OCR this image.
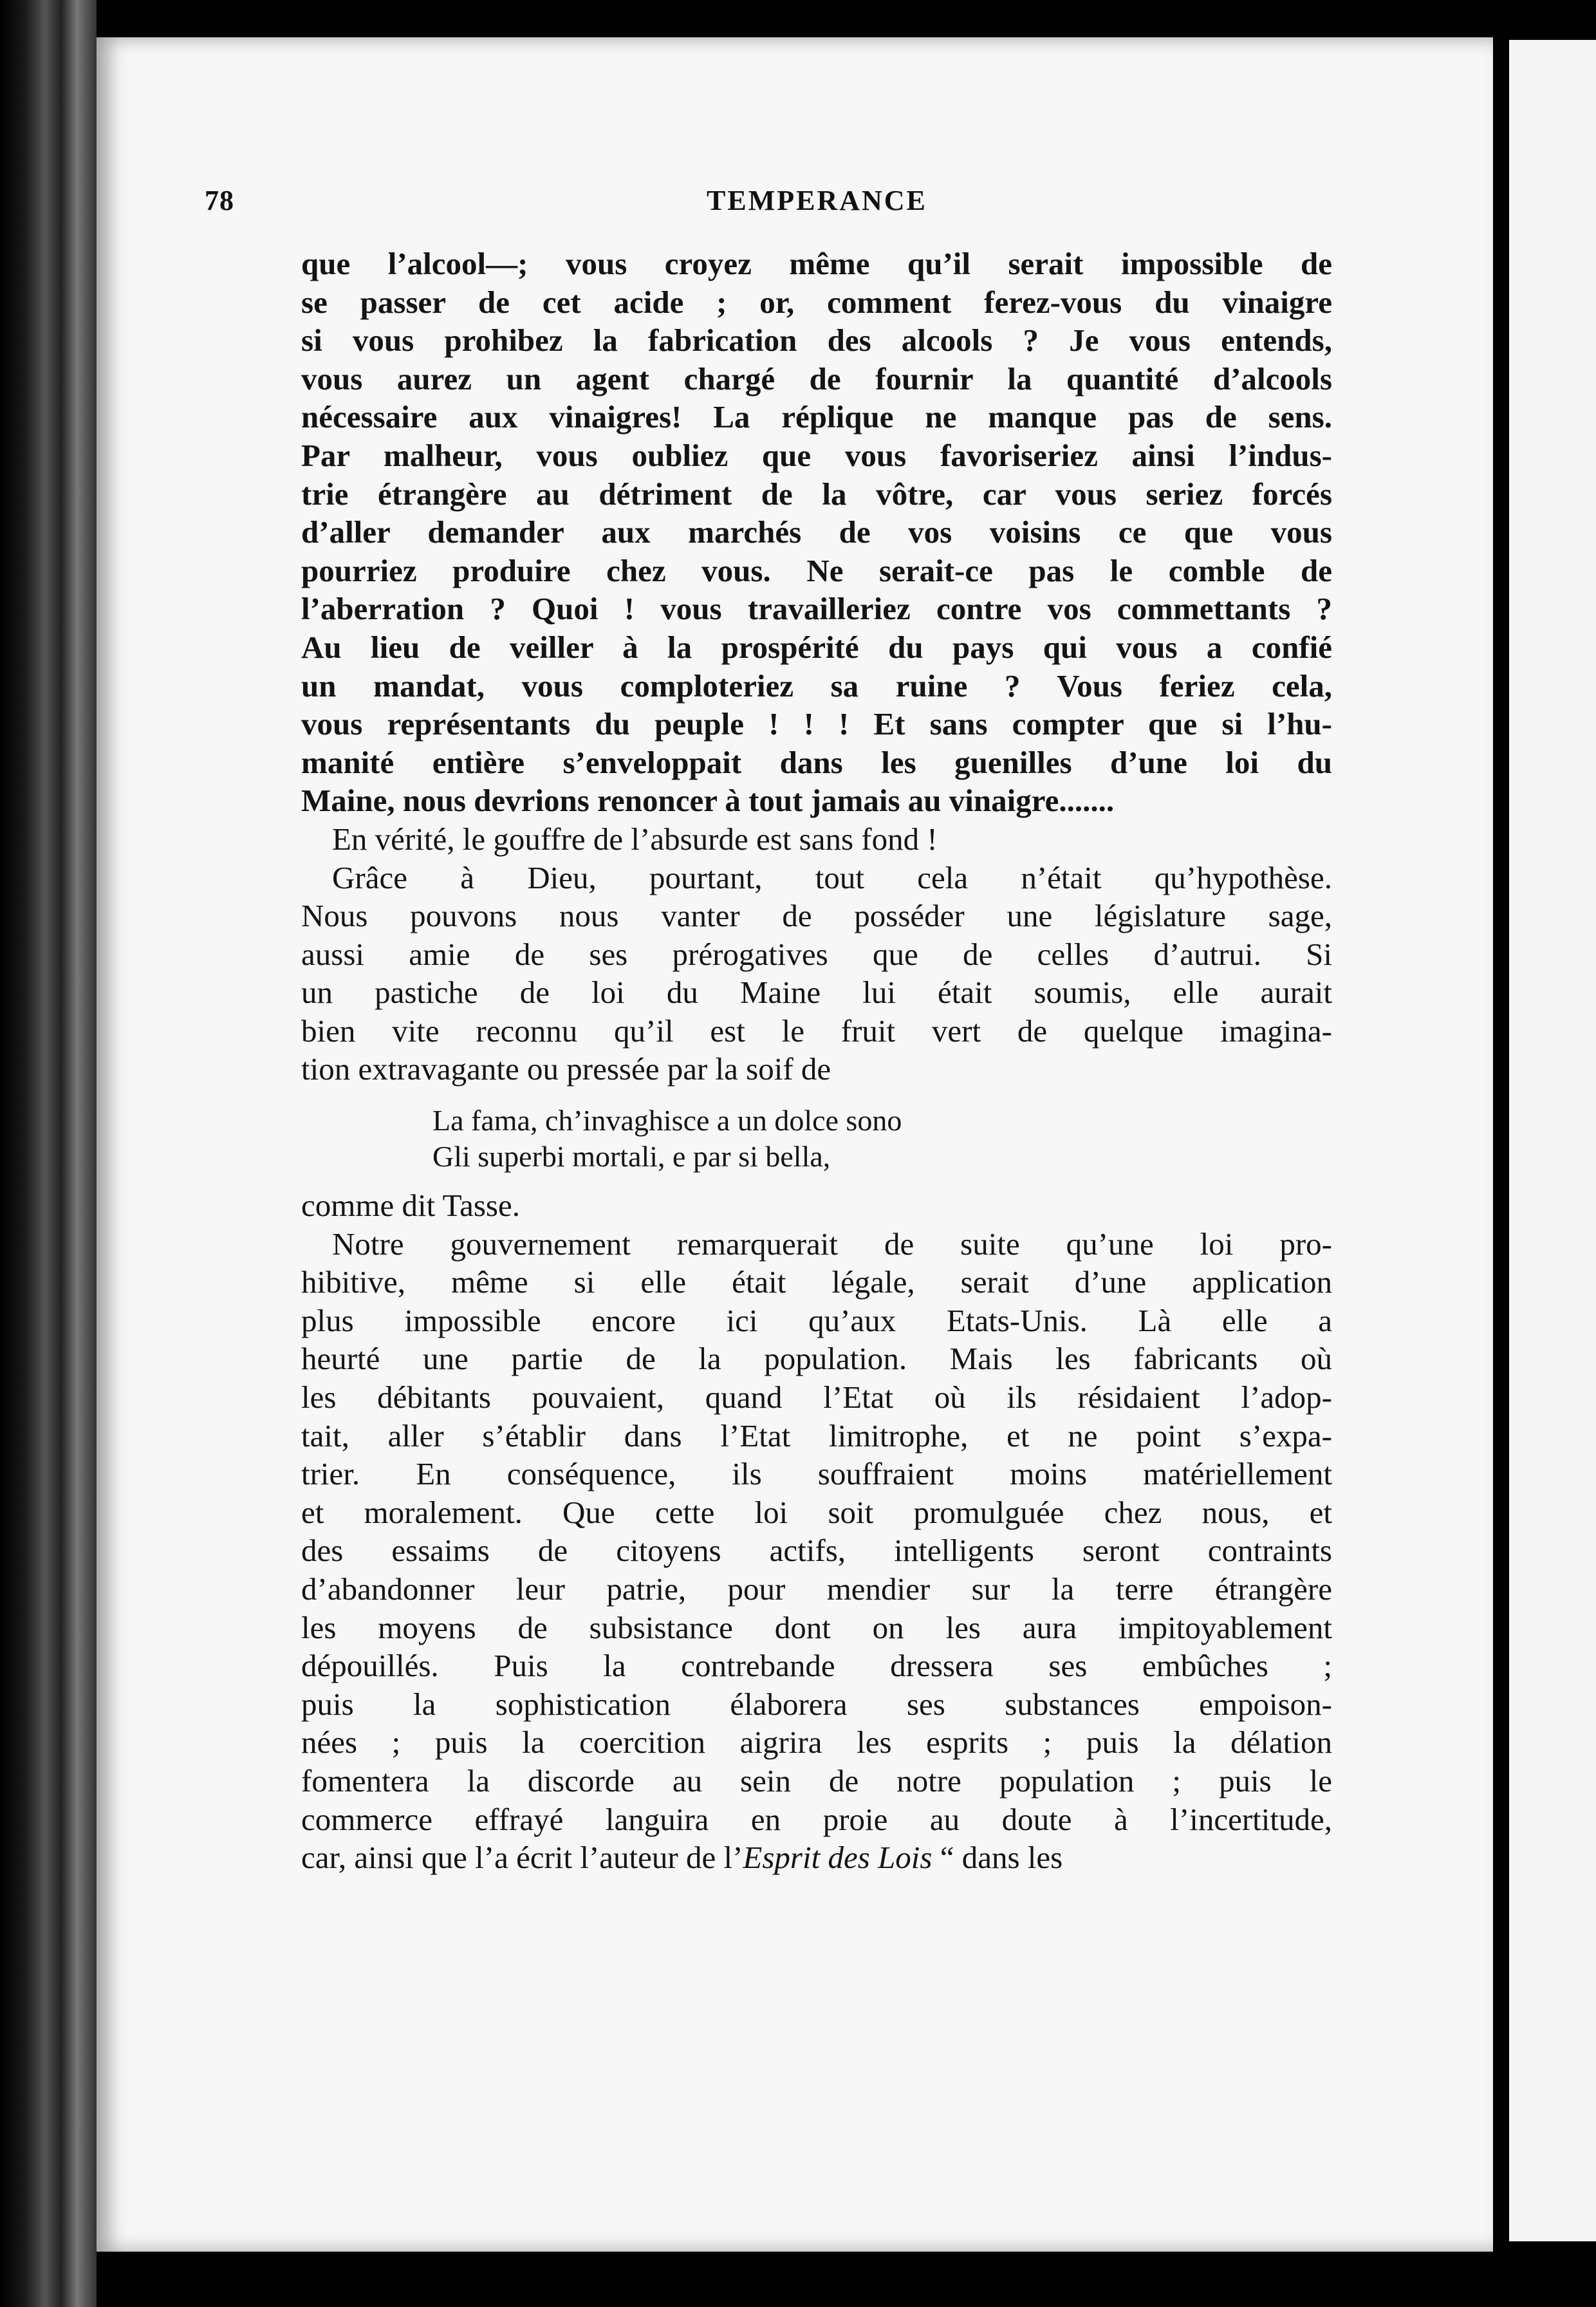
78	TEMPERANCE
que l’alcool—; vous croyez même qu’il serait impossible de
se passer de cet acide ; or, comment ferez-vous du vinaigre
si vous prohibez la fabrication des alcools ? Je vous entends,
vous aurez un agent chargé de fournir la quantité d’alcools
nécessaire aux vinaigres! La réplique ne manque pas de sens.
Par malheur, vous oubliez que vous favoriseriez ainsi l’indus-
trie étrangère au détriment de la vôtre, car vous seriez forcés
d’aller demander aux marchés de vos voisins ce que vous
pourriez produire chez vous. Ne serait-ce pas le comble de
l’aberration ? Quoi ! vous travailleriez contre vos commettants ?
Au lieu de veiller à la prospérité du pays qui vous a confié
un mandat, vous comploteriez sa ruine ? Vous feriez cela,
vous représentants du peuple ! ! ! Et sans compter que si l’hu-
manité entière s’enveloppait dans les guenilles d’une loi du
Maine, nous devrions renoncer à tout jamais au vinaigre.......
En vérité, le gouffre de l’absurde est sans fond !
Grâce à Dieu, pourtant, tout cela n’était qu’hypothèse.
Nous pouvons nous vanter de posséder une législature sage,
aussi amie de ses prérogatives que de celles d’autrui. Si
un pastiche de loi du Maine lui était soumis, elle aurait
bien vite reconnu qu’il est le fruit vert de quelque imagina-
tion extravagante ou pressée par la soif de
La fama, ch’invaghisce a un dolce sono
Gli superbi mortali, e par si bella,
comme dit Tasse.
Notre gouvernement remarquerait de suite qu’une loi pro-
hibitive, même si elle était légale, serait d’une application
plus impossible encore ici qu’aux Etats-Unis. Là elle a
heurté une partie de la population. Mais les fabricants où
les débitants pouvaient, quand l’Etat où ils résidaient l’adop-
tait, aller s’établir dans l’Etat limitrophe, et ne point s’expa-
trier. En conséquence, ils souffraient moins matériellement
et moralement. Que cette loi soit promulguée chez nous, et
des essaims de citoyens actifs, intelligents seront contraints
d’abandonner leur patrie, pour mendier sur la terre étrangère
les moyens de subsistance dont on les aura impitoyablement
dépouillés. Puis la contrebande dressera ses embûches ;
puis la sophistication élaborera ses substances empoison-
nées ; puis la coercition aigrira les esprits ; puis la délation
fomentera la discorde au sein de notre population ; puis le
commerce effrayé languira en proie au doute à l’incertitude,
car, ainsi que l’a écrit l’auteur de l’Esprit des Lois “ dans les
